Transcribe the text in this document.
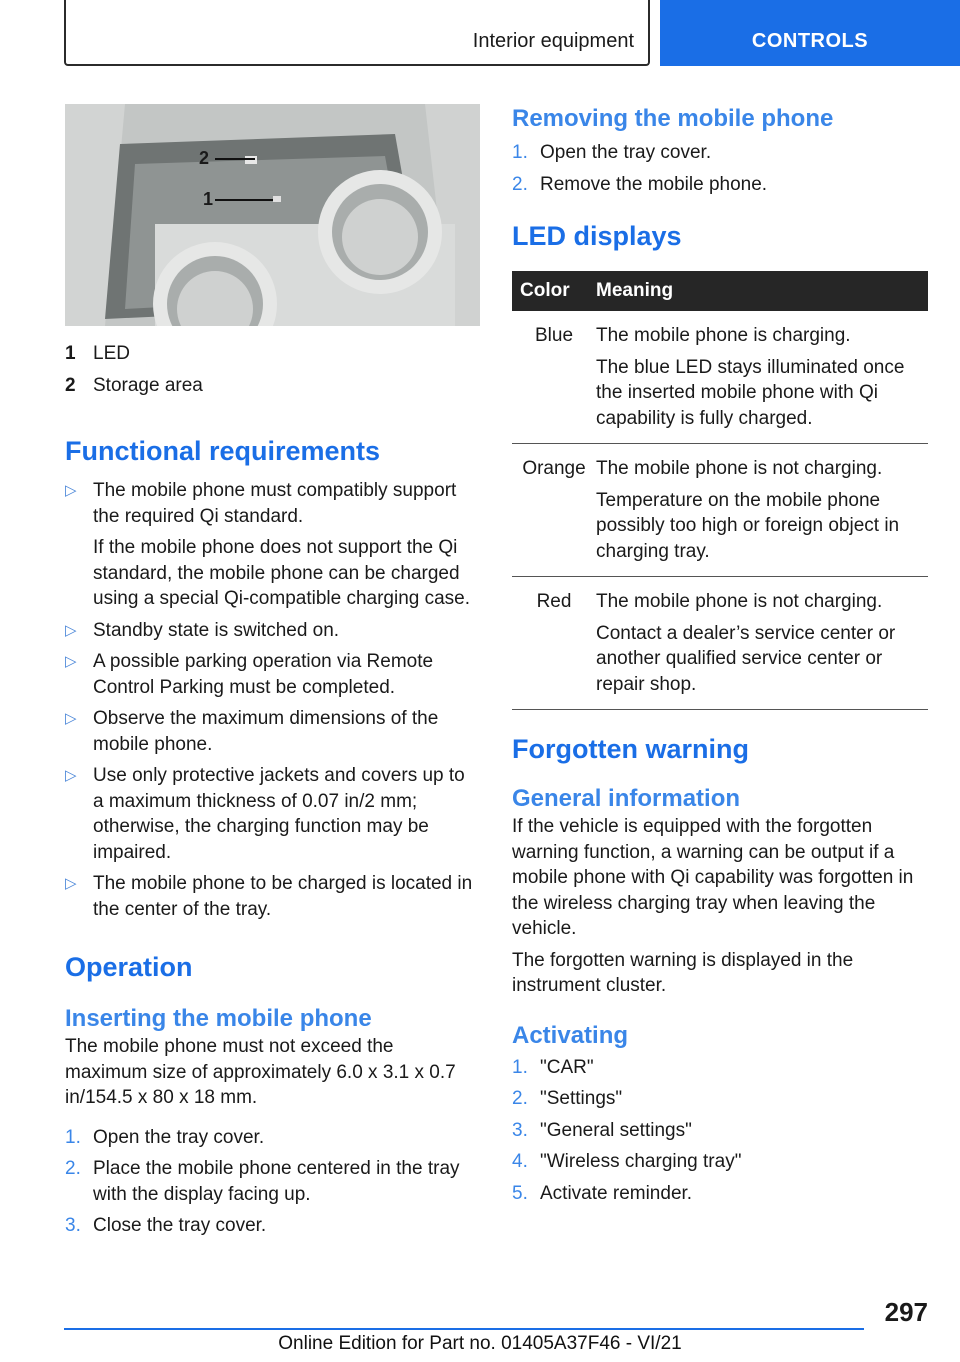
Interior equipment	CONTROLS
2
1
1 LED
2 Storage area
Functional requirements
▷ The mobile phone must compatibly support the required Qi standard.

If the mobile phone does not support the Qi standard, the mobile phone can be charged using a special Qi-compatible charging case.

▷ Standby state is switched on.
▷ A possible parking operation via Remote Control Parking must be completed.
▷ Observe the maximum dimensions of the mobile phone.
▷ Use only protective jackets and covers up to a maximum thickness of 0.07 in/2 mm; otherwise, the charging function may be impaired.
▷ The mobile phone to be charged is located in the center of the tray.
Operation
Inserting the mobile phone

The mobile phone must not exceed the maximum size of approximately 6.0 x 3.1 x 0.7 in/154.5 x 80 x 18 mm.

1. Open the tray cover.
2. Place the mobile phone centered in the tray with the display facing up.
3. Close the tray cover.
Removing the mobile phone
1. Open the tray cover.
2. Remove the mobile phone.
LED displays
Color	Meaning
Blue	The mobile phone is charging.

The blue LED stays illuminated once the inserted mobile phone with Qi capability is fully charged.

Orange	The mobile phone is not charging.

Temperature on the mobile phone possibly too high or foreign object in charging tray.

Red	The mobile phone is not charging.

Contact a dealer’s service center or another qualified service center or repair shop.

Forgotten warning
General information

If the vehicle is equipped with the forgotten warning function, a warning can be output if a mobile phone with Qi capability was forgotten in the wireless charging tray when leaving the vehicle.

The forgotten warning is displayed in the instrument cluster.

Activating
1. "CAR"
2. "Settings"
3. "General settings"
4. "Wireless charging tray"
5. Activate reminder.
297
Online Edition for Part no. 01405A37F46 - VI/21
